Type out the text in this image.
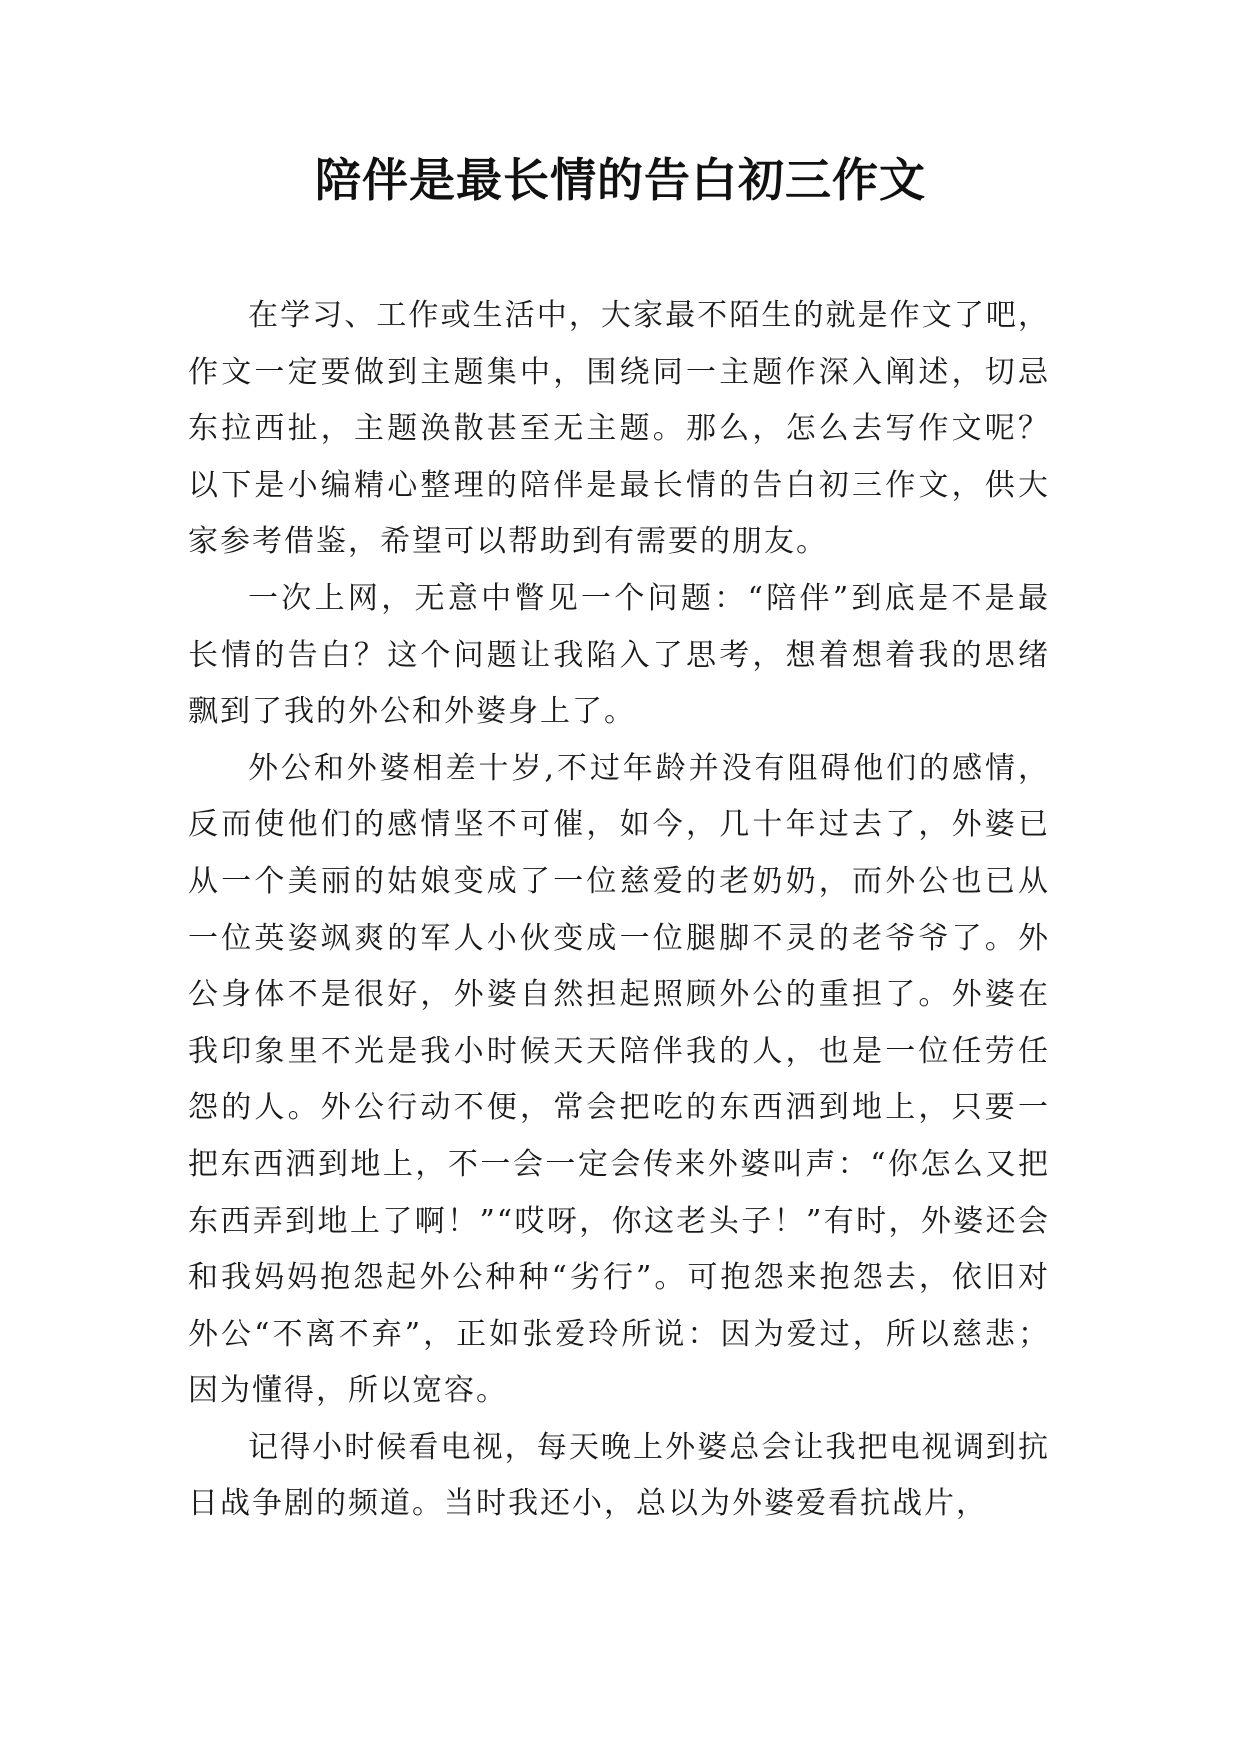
陪伴是最长情的告白初三作文

在学习、工作或生活中，大家最不陌生的就是作文了吧，作文一定要做到主题集中，围绕同一主题作深入阐述，切忌东拉西扯，主题涣散甚至无主题。那么，怎么去写作文呢？以下是小编精心整理的陪伴是最长情的告白初三作文，供大家参考借鉴，希望可以帮助到有需要的朋友。

一次上网，无意中瞥见一个问题：“陪伴”到底是不是最长情的告白？这个问题让我陷入了思考，想着想着我的思绪飘到了我的外公和外婆身上了。

外公和外婆相差十岁,不过年龄并没有阻碍他们的感情，反而使他们的感情坚不可催，如今，几十年过去了，外婆已从一个美丽的姑娘变成了一位慈爱的老奶奶，而外公也已从一位英姿飒爽的军人小伙变成一位腿脚不灵的老爷爷了。外公身体不是很好，外婆自然担起照顾外公的重担了。外婆在我印象里不光是我小时候天天陪伴我的人，也是一位任劳任怨的人。外公行动不便，常会把吃的东西洒到地上，只要一把东西洒到地上，不一会一定会传来外婆叫声：“你怎么又把东西弄到地上了啊！”“哎呀，你这老头子！”有时，外婆还会和我妈妈抱怨起外公种种“劣行”。可抱怨来抱怨去，依旧对外公“不离不弃”，正如张爱玲所说：因为爱过，所以慈悲；因为懂得，所以宽容。

记得小时候看电视，每天晚上外婆总会让我把电视调到抗日战争剧的频道。当时我还小，总以为外婆爱看抗战片，
